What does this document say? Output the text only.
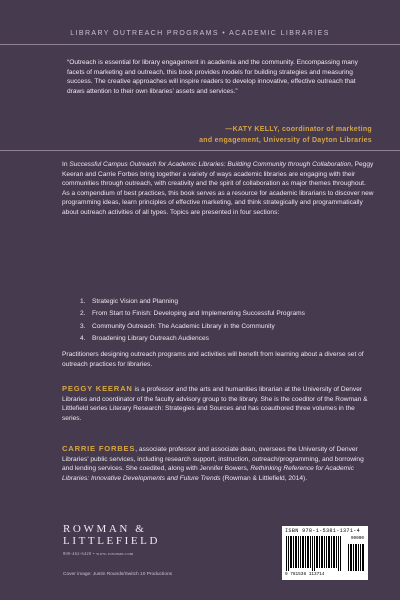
LIBRARY OUTREACH PROGRAMS • ACADEMIC LIBRARIES
“Outreach is essential for library engagement in academia and the community. Encompassing many facets of marketing and outreach, this book provides models for building strategies and measuring success. The creative approaches will inspire readers to develop innovative, effective outreach that draws attention to their own libraries’ assets and services.”
—KATY KELLY, coordinator of marketing
and engagement, University of Dayton Libraries
In Successful Campus Outreach for Academic Libraries: Building Community through Collaboration, Peggy Keeran and Carrie Forbes bring together a variety of ways academic libraries are engaging with their communities through outreach, with creativity and the spirit of collaboration as major themes throughout. As a compendium of best practices, this book serves as a resource for academic librarians to discover new programming ideas, learn principles of effective marketing, and think strategically and programmatically about outreach activities of all types. Topics are presented in four sections:
1. Strategic Vision and Planning
2. From Start to Finish: Developing and Implementing Successful Programs
3. Community Outreach: The Academic Library in the Community
4. Broadening Library Outreach Audiences
Practitioners designing outreach programs and activities will benefit from learning about a diverse set of outreach practices for libraries.
PEGGY KEERAN is a professor and the arts and humanities librarian at the University of Denver Libraries and coordinator of the faculty advisory group to the library. She is the coeditor of the Rowman & Littlefield series Literary Research: Strategies and Sources and has coauthored three volumes in the series.
CARRIE FORBES, associate professor and associate dean, oversees the University of Denver Libraries’ public services, including research support, instruction, outreach/programming, and borrowing and lending services. She coedited, along with Jennifer Bowers, Rethinking Reference for Academic Libraries: Innovative Developments and Future Trends (Rowman & Littlefield, 2014).
ROWMAN &
LITTLEFIELD
800-462-6420 • www.rowman.com
Cover image: Justin Rounds/Switch 10 Productions
ISBN 978-1-5381-1371-4
90000
9 781538 113714
